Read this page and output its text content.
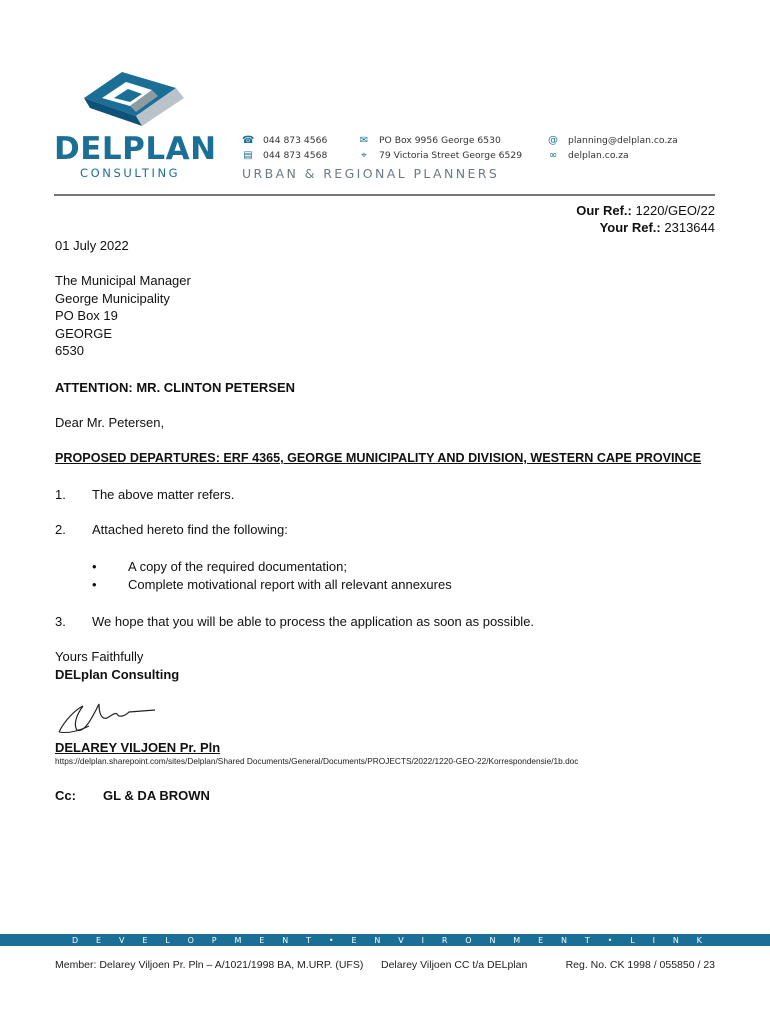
DELPLAN
CONSULTING
☎ 044 873 4566
▤ 044 873 4568
✉ PO Box 9956 George 6530
⌖	79 Victoria Street George 6529
@ planning@delplan.co.za
∞ delplan.co.za
URBAN & REGIONAL PLANNERS
Our Ref.: 1220/GEO/22
Your Ref.: 2313644
01 July 2022
The Municipal Manager
George Municipality
PO Box 19
GEORGE
6530
ATTENTION: MR. CLINTON PETERSEN
Dear Mr. Petersen,
PROPOSED DEPARTURES: ERF 4365, GEORGE MUNICIPALITY AND DIVISION, WESTERN CAPE PROVINCE
1. The above matter refers.
2. Attached hereto find the following:
• A copy of the required documentation;
• Complete motivational report with all relevant annexures
3. We hope that you will be able to process the application as soon as possible.
Yours Faithfully
DELplan Consulting
DELAREY VILJOEN Pr. Pln
https://delplan.sharepoint.com/sites/Delplan/Shared Documents/General/Documents/PROJECTS/2022/1220-GEO-22/Korrespondensie/1b.doc
Cc: GL & DA BROWN
D E V E L O P M E N T • E N V I R O N M E N T • L I N K
Member: Delarey Viljoen Pr. Pln – A/1021/1998 BA, M.URP. (UFS) Delarey Viljoen CC t/a DELplan	Reg. No. CK 1998 / 055850 / 23
